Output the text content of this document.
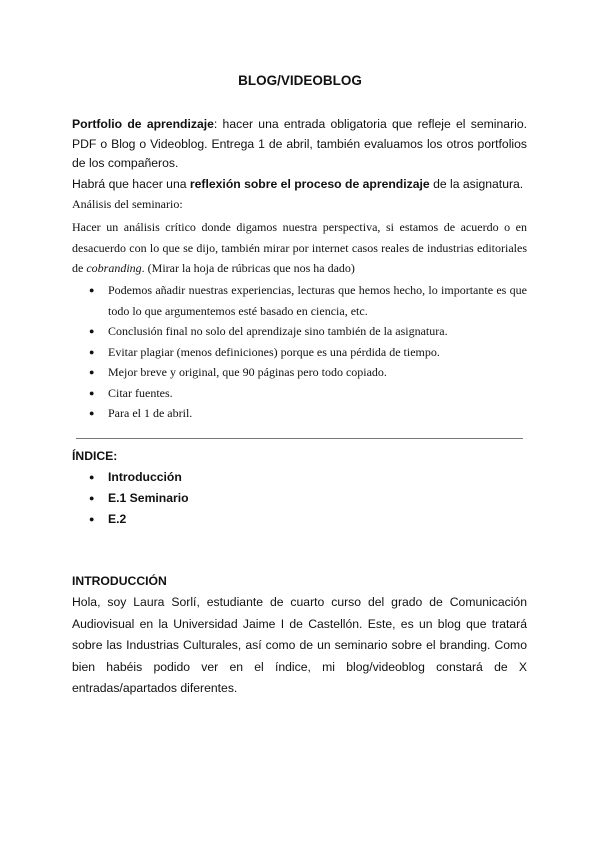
BLOG/VIDEOBLOG
Portfolio de aprendizaje: hacer una entrada obligatoria que refleje el seminario. PDF o Blog o Videoblog. Entrega 1 de abril, también evaluamos los otros portfolios de los compañeros.
Habrá que hacer una reflexión sobre el proceso de aprendizaje de la asignatura.
Análisis del seminario:
Hacer un análisis crítico donde digamos nuestra perspectiva, si estamos de acuerdo o en desacuerdo con lo que se dijo, también mirar por internet casos reales de industrias editoriales de cobranding. (Mirar la hoja de rúbricas que nos ha dado)
● Podemos añadir nuestras experiencias, lecturas que hemos hecho, lo importante es que todo lo que argumentemos esté basado en ciencia, etc.
● Conclusión final no solo del aprendizaje sino también de la asignatura.
● Evitar plagiar (menos definiciones) porque es una pérdida de tiempo.
● Mejor breve y original, que 90 páginas pero todo copiado.
● Citar fuentes.
● Para el 1 de abril.
ÍNDICE:
● Introducción
● E.1 Seminario
● E.2
INTRODUCCIÓN
Hola, soy Laura Sorlí, estudiante de cuarto curso del grado de Comunicación Audiovisual en la Universidad Jaime I de Castellón. Este, es un blog que tratará sobre las Industrias Culturales, así como de un seminario sobre el branding. Como bien habéis podido ver en el índice, mi blog/videoblog constará de X entradas/apartados diferentes.
